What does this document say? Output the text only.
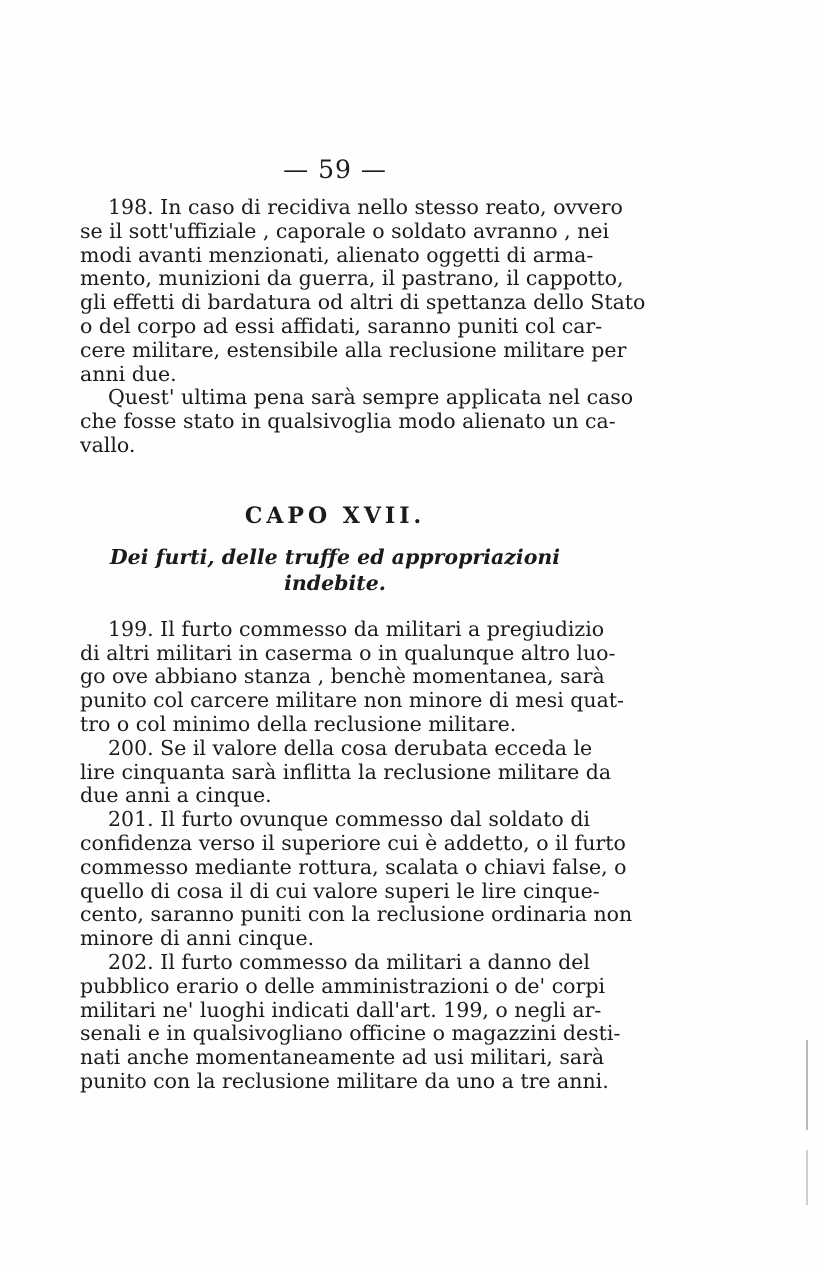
— 59 —

198. In caso di recidiva nello stesso reato, ovvero
se il sott'uffiziale , caporale o soldato avranno , nei
modi avanti menzionati, alienato oggetti di arma-
mento, munizioni da guerra, il pastrano, il cappotto,
gli effetti di bardatura od altri di spettanza dello Stato
o del corpo ad essi affidati, saranno puniti col car-
cere militare, estensibile alla reclusione militare per
anni due.

Quest' ultima pena sarà sempre applicata nel caso
che fosse stato in qualsivoglia modo alienato un ca-
vallo.

CAPO XVII.
Dei furti, delle truffe ed appropriazioni indebite.

199. Il furto commesso da militari a pregiudizio
di altri militari in caserma o in qualunque altro luo-
go ove abbiano stanza , benchè momentanea, sarà
punito col carcere militare non minore di mesi quat-
tro o col minimo della reclusione militare.

200. Se il valore della cosa derubata ecceda le
lire cinquanta sarà inflitta la reclusione militare da
due anni a cinque.

201. Il furto ovunque commesso dal soldato di
confidenza verso il superiore cui è addetto, o il furto
commesso mediante rottura, scalata o chiavi false, o
quello di cosa il di cui valore superi le lire cinque-
cento, saranno puniti con la reclusione ordinaria non
minore di anni cinque.

202. Il furto commesso da militari a danno del
pubblico erario o delle amministrazioni o de' corpi
militari ne' luoghi indicati dall'art. 199, o negli ar-
senali e in qualsivogliano officine o magazzini desti-
nati anche momentaneamente ad usi militari, sarà
punito con la reclusione militare da uno a tre anni.
